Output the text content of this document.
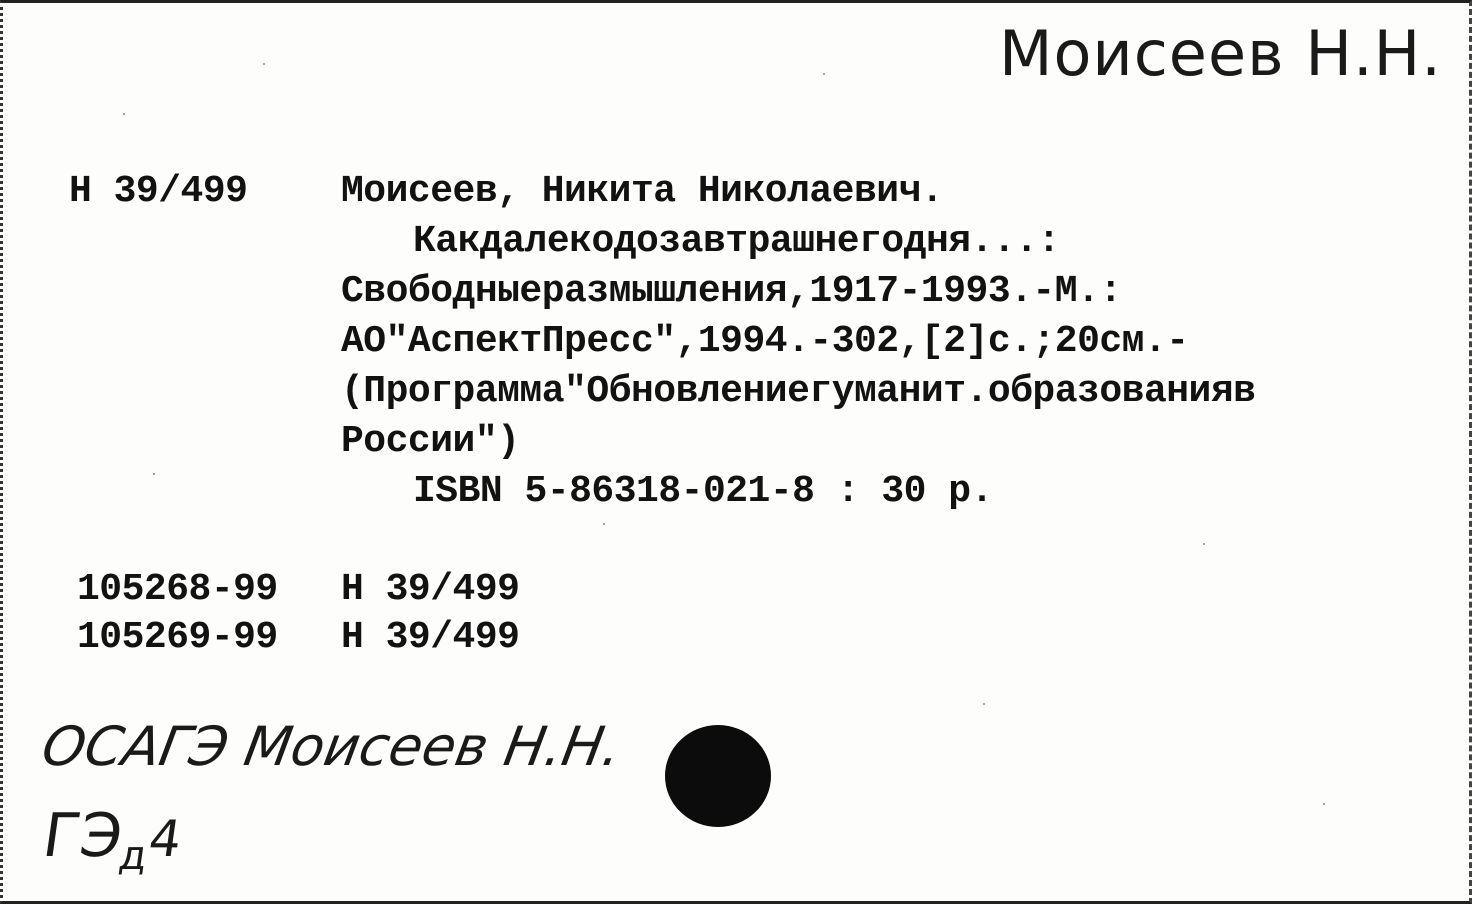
Моисеев Н.Н.
Н 39/499 Моисеев, Никита Николаевич.
Какдалекодозавтрашнегодня...:
Свободныеразмышления,1917-1993.-М.:
АО"АспектПресс",1994.-302,[2]с.;20см.-
(Программа"Обновлениегуманит.образованияв
России")
ISBN 5-86318-021-8 : 30 р.
105268-99 Н 39/499
105269-99 Н 39/499
ОСАГЭ Моисеев Н.Н.
$ГЭ_д4$
